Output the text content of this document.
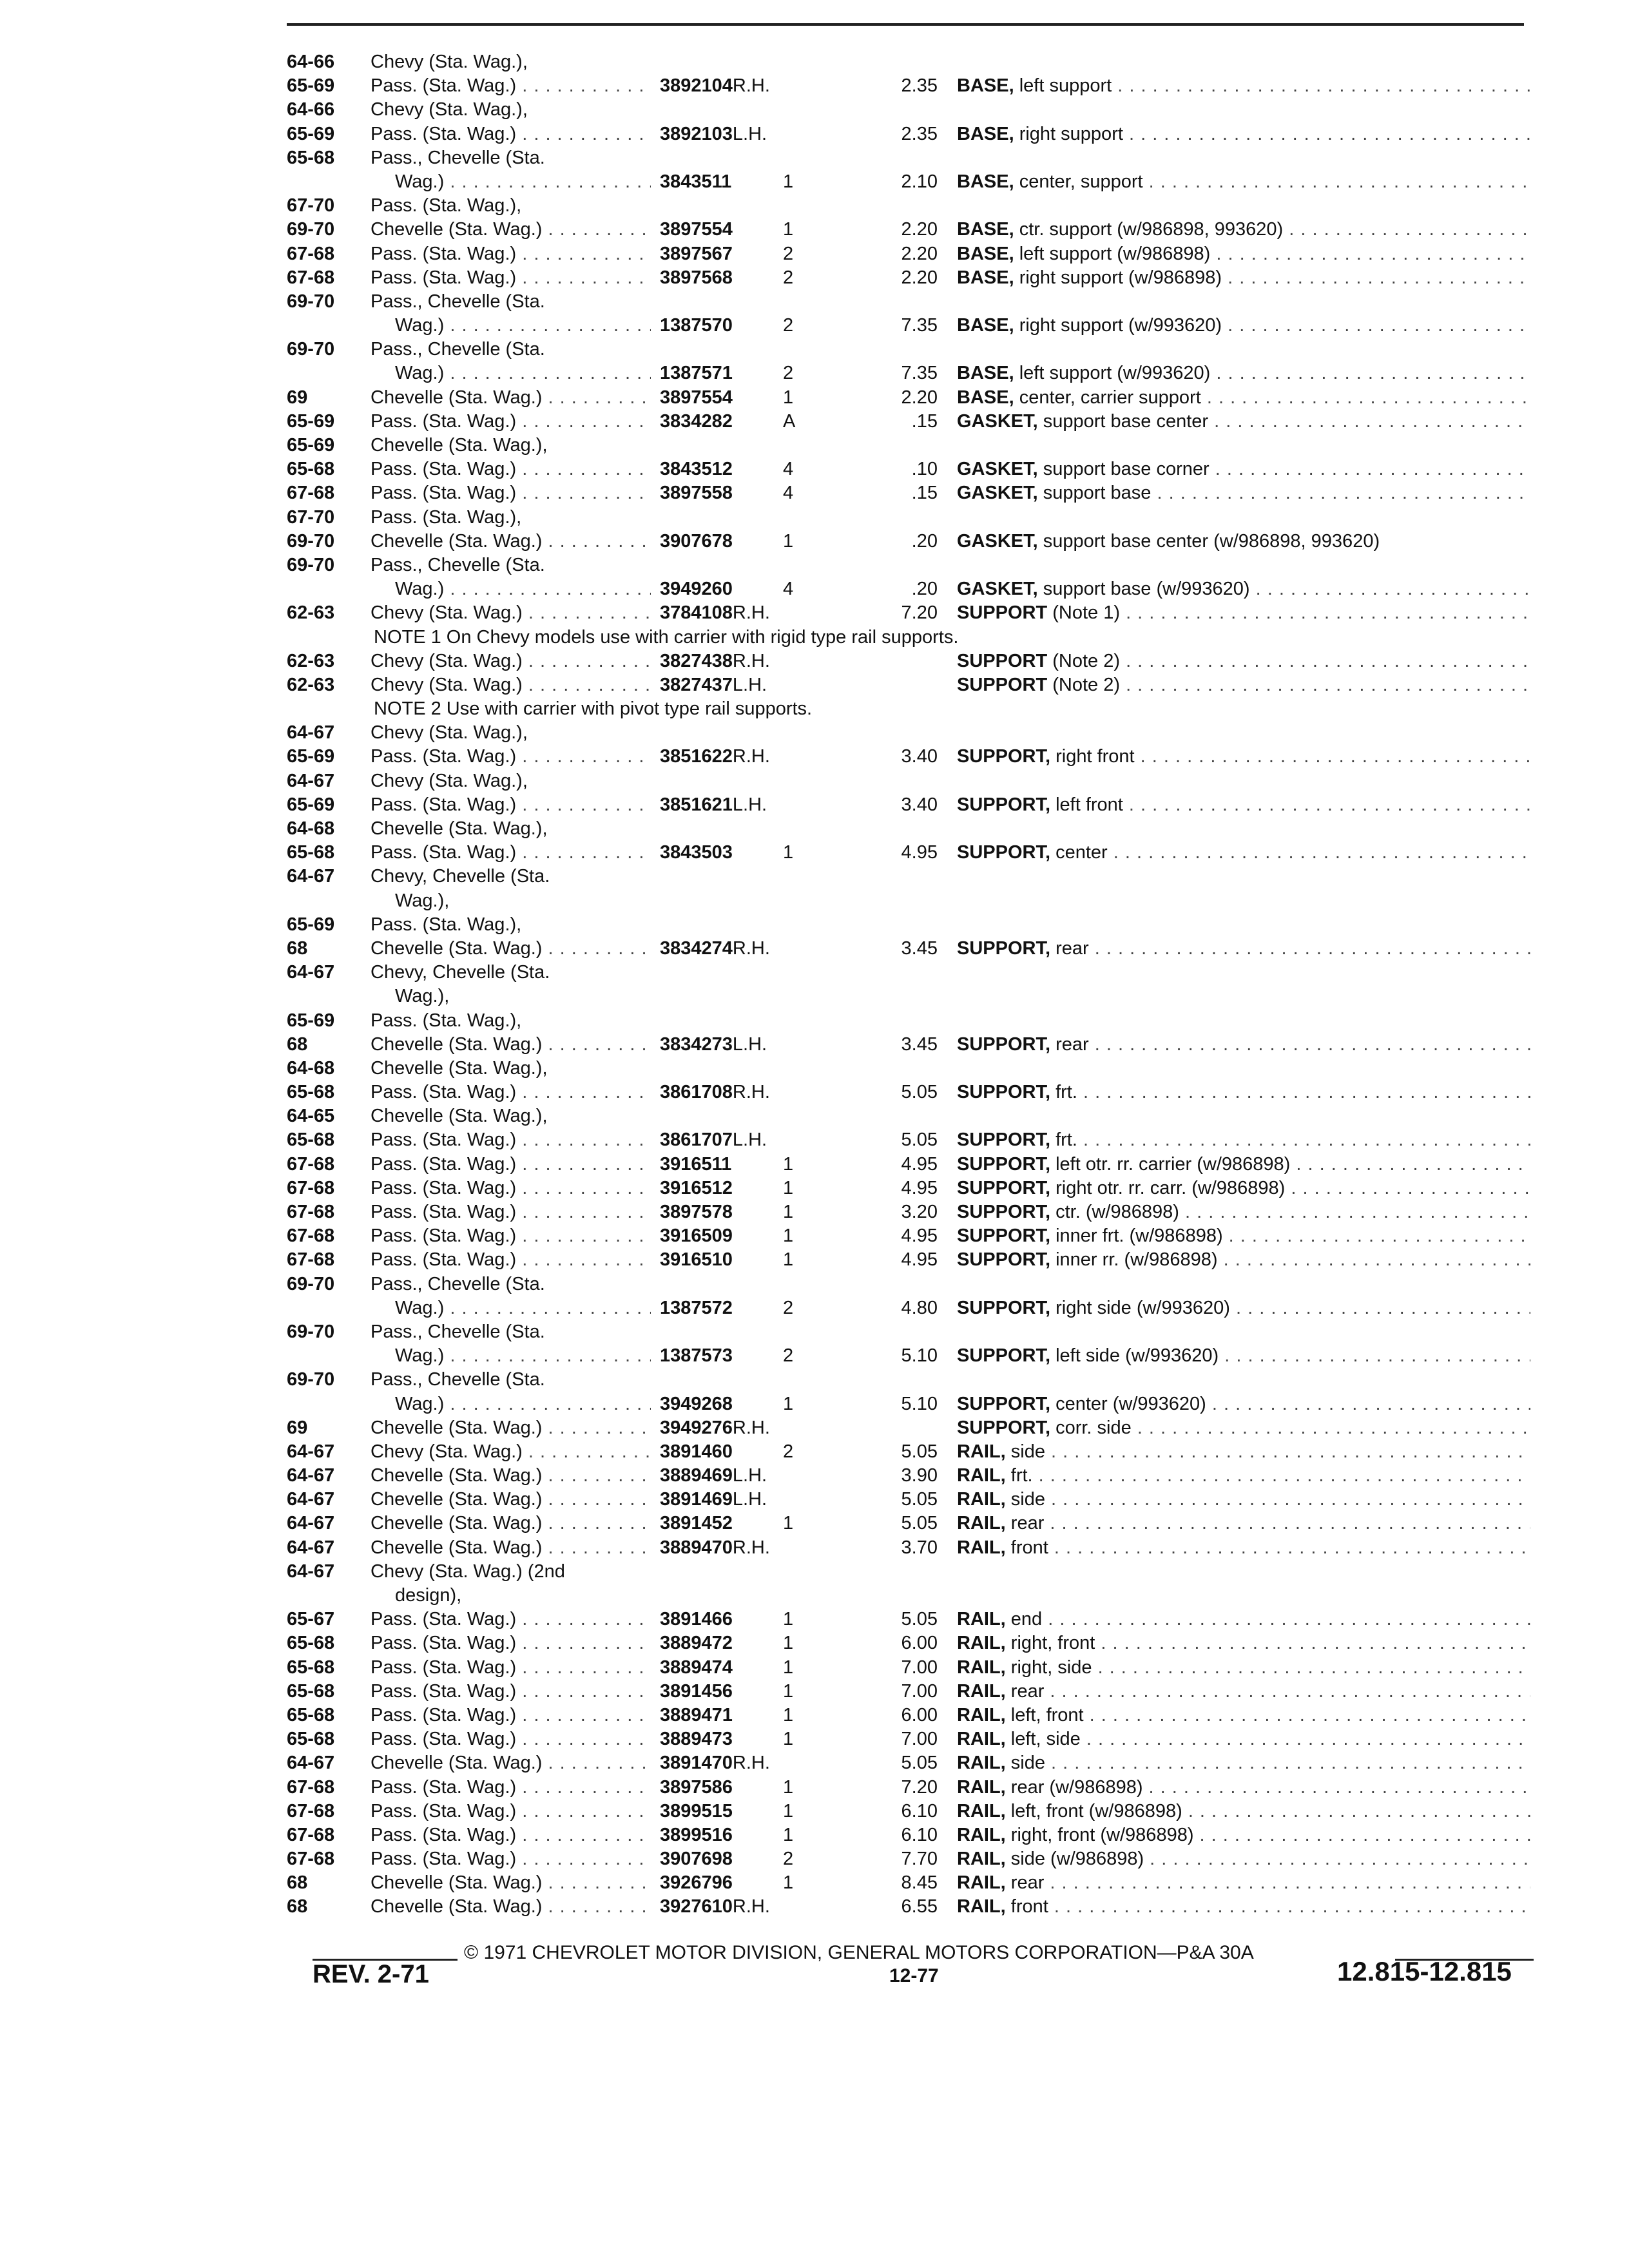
64-66	Chevy (Sta. Wag.),
65-69	Pass. (Sta. Wag.) . . .	3892104R.H.	2.35 BASE, left support . . .
64-66	Chevy (Sta. Wag.),
65-69	Pass. (Sta. Wag.) . . .	3892103L.H.	2.35 BASE, right support . . .
65-68	Pass., Chevelle (Sta.
Wag.) . . .	3843511	1	2.10 BASE, center, support . . .
67-70	Pass. (Sta. Wag.),
69-70	Chevelle (Sta. Wag.) . . .	3897554	1	2.20 BASE, ctr. support (w/986898, 993620) . . .
67-68	Pass. (Sta. Wag.) . . .	3897567	2	2.20 BASE, left support (w/986898) . . .
67-68	Pass. (Sta. Wag.) . . .	3897568	2	2.20 BASE, right support (w/986898) . . .
69-70	Pass., Chevelle (Sta.
Wag.) . . .	1387570	2	7.35 BASE, right support (w/993620) . . .
69-70	Pass., Chevelle (Sta.
Wag.) . . .	1387571	2	7.35 BASE, left support (w/993620) . . .
69	Chevelle (Sta. Wag.) . . .	3897554	1	2.20 BASE, center, carrier support . . .
65-69	Pass. (Sta. Wag.) . . .	3834282	A	.15 GASKET, support base center . . .
65-69	Chevelle (Sta. Wag.),
65-68	Pass. (Sta. Wag.) . . .	3843512	4	.10 GASKET, support base corner . . .
67-68	Pass. (Sta. Wag.) . . .	3897558	4	.15 GASKET, support base . . .
67-70	Pass. (Sta. Wag.),
69-70	Chevelle (Sta. Wag.) . . .	3907678	1	.20 GASKET, support base center (w/986898, 993620)
69-70	Pass., Chevelle (Sta.
Wag.) . . .	3949260	4	.20 GASKET, support base (w/993620) . . .
62-63	Chevy (Sta. Wag.) . . .	3784108R.H.	7.20 SUPPORT (Note 1) . . .
NOTE 1 On Chevy models use with carrier with rigid type rail supports.
62-63	Chevy (Sta. Wag.) . . .	3827438R.H.	SUPPORT (Note 2) . . .
62-63	Chevy (Sta. Wag.) . . .	3827437L.H.	SUPPORT (Note 2) . . .
NOTE 2 Use with carrier with pivot type rail supports.
64-67	Chevy (Sta. Wag.),
65-69	Pass. (Sta. Wag.) . . .	3851622R.H.	3.40 SUPPORT, right front . . .
64-67	Chevy (Sta. Wag.),
65-69	Pass. (Sta. Wag.) . . .	3851621L.H.	3.40 SUPPORT, left front . . .
64-68	Chevelle (Sta. Wag.),
65-68	Pass. (Sta. Wag.) . . .	3843503	1	4.95 SUPPORT, center . . .
64-67	Chevy, Chevelle (Sta.
Wag.),
65-69	Pass. (Sta. Wag.),
68	Chevelle (Sta. Wag.) . . .	3834274R.H.	3.45 SUPPORT, rear . . .
64-67	Chevy, Chevelle (Sta.
Wag.),
65-69	Pass. (Sta. Wag.),
68	Chevelle (Sta. Wag.) . . .	3834273L.H.	3.45 SUPPORT, rear . . .
64-68	Chevelle (Sta. Wag.),
65-68	Pass. (Sta. Wag.) . . .	3861708R.H.	5.05 SUPPORT, frt. . . .
64-65	Chevelle (Sta. Wag.),
65-68	Pass. (Sta. Wag.) . . .	3861707L.H.	5.05 SUPPORT, frt. . . .
67-68	Pass. (Sta. Wag.) . . .	3916511	1	4.95 SUPPORT, left otr. rr. carrier (w/986898) . . .
67-68	Pass. (Sta. Wag.) . . .	3916512	1	4.95 SUPPORT, right otr. rr. carr. (w/986898) . . .
67-68	Pass. (Sta. Wag.) . . .	3897578	1	3.20 SUPPORT, ctr. (w/986898) . . .
67-68	Pass. (Sta. Wag.) . . .	3916509	1	4.95 SUPPORT, inner frt. (w/986898) . . .
67-68	Pass. (Sta. Wag.) . . .	3916510	1	4.95 SUPPORT, inner rr. (w/986898) . . .
69-70	Pass., Chevelle (Sta.
Wag.) . . .	1387572	2	4.80 SUPPORT, right side (w/993620) . . .
69-70	Pass., Chevelle (Sta.
Wag.) . . .	1387573	2	5.10 SUPPORT, left side (w/993620) . . .
69-70	Pass., Chevelle (Sta.
Wag.) . . .	3949268	1	5.10 SUPPORT, center (w/993620) . . .
69	Chevelle (Sta. Wag.) . . .	3949276R.H.	SUPPORT, corr. side . . .
64-67	Chevy (Sta. Wag.) . . .	3891460	2	5.05 RAIL, side . . .
64-67	Chevelle (Sta. Wag.) . . .	3889469L.H.	3.90 RAIL, frt. . . .
64-67	Chevelle (Sta. Wag.) . . .	3891469L.H.	5.05 RAIL, side . . .
64-67	Chevelle (Sta. Wag.) . . .	3891452	1	5.05 RAIL, rear . . .
64-67	Chevelle (Sta. Wag.) . . .	3889470R.H.	3.70 RAIL, front . . .
64-67	Chevy (Sta. Wag.) (2nd
design),
65-67	Pass. (Sta. Wag.) . . .	3891466	1	5.05 RAIL, end . . .
65-68	Pass. (Sta. Wag.) . . .	3889472	1	6.00 RAIL, right, front . . .
65-68	Pass. (Sta. Wag.) . . .	3889474	1	7.00 RAIL, right, side . . .
65-68	Pass. (Sta. Wag.) . . .	3891456	1	7.00 RAIL, rear . . .
65-68	Pass. (Sta. Wag.) . . .	3889471	1	6.00 RAIL, left, front . . .
65-68	Pass. (Sta. Wag.) . . .	3889473	1	7.00 RAIL, left, side . . .
64-67	Chevelle (Sta. Wag.) . . .	3891470R.H.	5.05 RAIL, side . . .
67-68	Pass. (Sta. Wag.) . . .	3897586	1	7.20 RAIL, rear (w/986898) . . .
67-68	Pass. (Sta. Wag.) . . .	3899515	1	6.10 RAIL, left, front (w/986898) . . .
67-68	Pass. (Sta. Wag.) . . .	3899516	1	6.10 RAIL, right, front (w/986898) . . .
67-68	Pass. (Sta. Wag.) . . .	3907698	2	7.70 RAIL, side (w/986898) . . .
68	Chevelle (Sta. Wag.) . . .	3926796	1	8.45 RAIL, rear . . .
68	Chevelle (Sta. Wag.) . . .	3927610R.H.	6.55 RAIL, front . . .
© 1971 CHEVROLET MOTOR DIVISION, GENERAL MOTORS CORPORATION—P&A 30A
REV. 2-71	12-77	12.815-12.815
